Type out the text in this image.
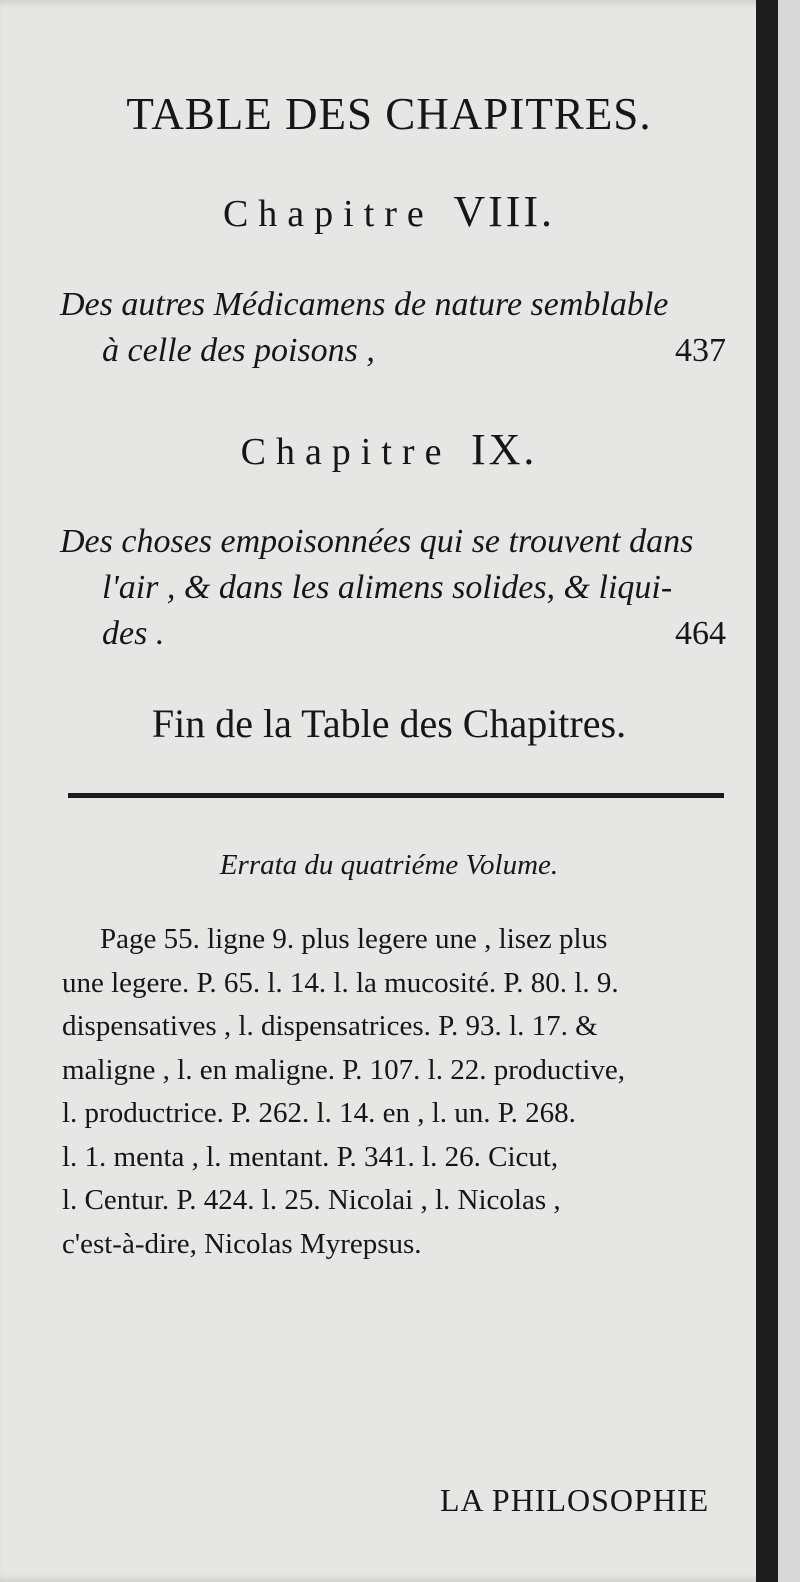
TABLE DES CHAPITRES.
Chapitre VIII.
Des autres Médicamens de nature semblable
à celle des poisons ,	437
Chapitre IX.
Des choses empoisonnées qui se trouvent dans
l'air , & dans les alimens solides, & liqui-
des .	464
Fin de la Table des Chapitres.
Errata du quatriéme Volume.
Page 55. ligne 9. plus legere une , lisez plus
une legere. P. 65. l. 14. l. la mucosité. P. 80. l. 9.
dispensatives , l. dispensatrices. P. 93. l. 17. &
maligne , l. en maligne. P. 107. l. 22. productive,
l. productrice. P. 262. l. 14. en , l. un. P. 268.
l. 1. menta , l. mentant. P. 341. l. 26. Cicut,
l. Centur. P. 424. l. 25. Nicolai , l. Nicolas ,
c'est-à-dire, Nicolas Myrepsus.
LA PHILOSOPHIE
